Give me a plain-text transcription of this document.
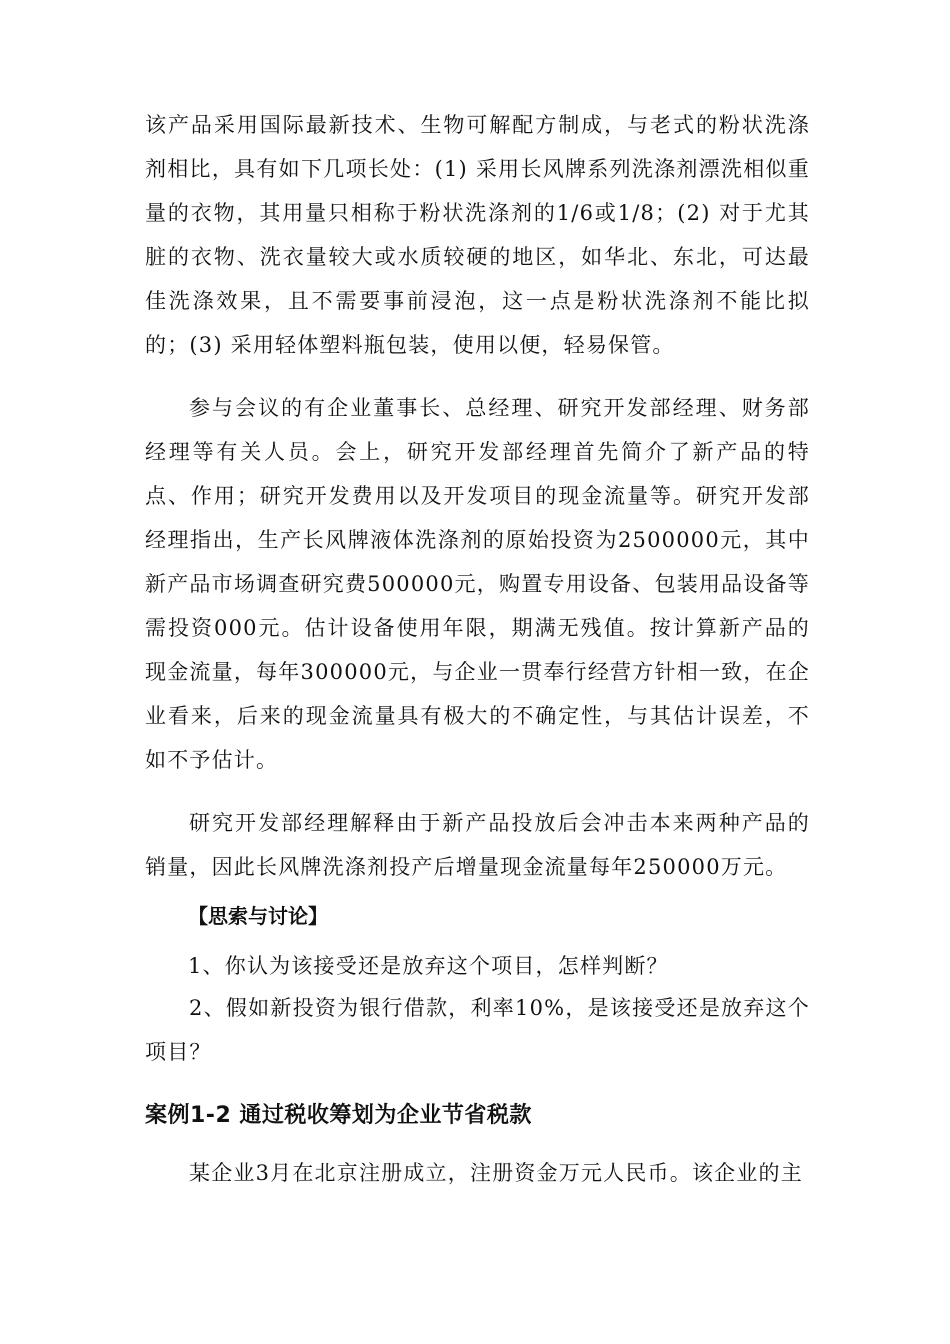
该产品采用国际最新技术、生物可解配方制成，与老式的粉状洗涤剂相比，具有如下几项长处：(1) 采用长风牌系列洗涤剂漂洗相似重量的衣物，其用量只相称于粉状洗涤剂的1/6或1/8；(2) 对于尤其脏的衣物、洗衣量较大或水质较硬的地区，如华北、东北，可达最佳洗涤效果，且不需要事前浸泡，这一点是粉状洗涤剂不能比拟的；(3) 采用轻体塑料瓶包装，使用以便，轻易保管。
参与会议的有企业董事长、总经理、研究开发部经理、财务部经理等有关人员。会上，研究开发部经理首先简介了新产品的特点、作用；研究开发费用以及开发项目的现金流量等。研究开发部经理指出，生产长风牌液体洗涤剂的原始投资为2500000元，其中新产品市场调查研究费500000元，购置专用设备、包装用品设备等需投资000元。估计设备使用年限，期满无残值。按计算新产品的现金流量，每年300000元，与企业一贯奉行经营方针相一致，在企业看来，后来的现金流量具有极大的不确定性，与其估计误差，不如不予估计。
研究开发部经理解释由于新产品投放后会冲击本来两种产品的销量，因此长风牌洗涤剂投产后增量现金流量每年250000万元。
【思索与讨论】
1、你认为该接受还是放弃这个项目，怎样判断？
2、假如新投资为银行借款，利率10%，是该接受还是放弃这个项目？
案例1-2 通过税收筹划为企业节省税款
某企业3月在北京注册成立，注册资金万元人民币。该企业的主
